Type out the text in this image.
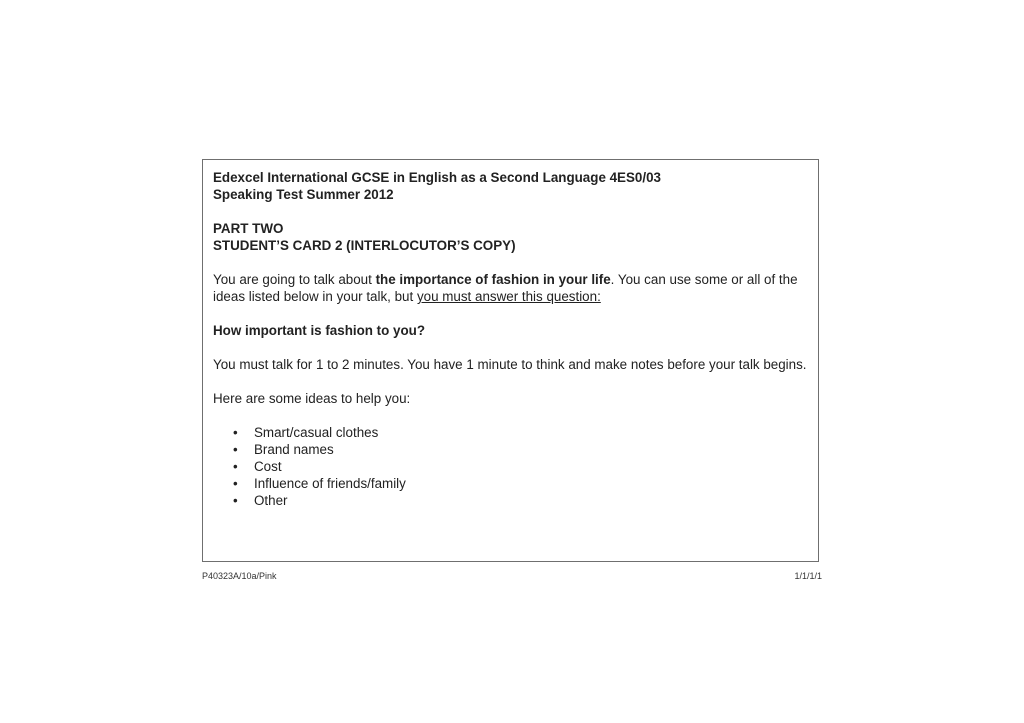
Edexcel International GCSE in English as a Second Language 4ES0/03

Speaking Test Summer 2012

PART TWO

STUDENT’S CARD 2 (INTERLOCUTOR’S COPY)

You are going to talk about the importance of fashion in your life. You can use some or all of the ideas listed below in your talk, but you must answer this question:

How important is fashion to you?

You must talk for 1 to 2 minutes. You have 1 minute to think and make notes before your talk begins.

Here are some ideas to help you:

• Smart/casual clothes
• Brand names
• Cost
• Influence of friends/family
• Other
P40323A/10a/Pink	1/1/1/1
